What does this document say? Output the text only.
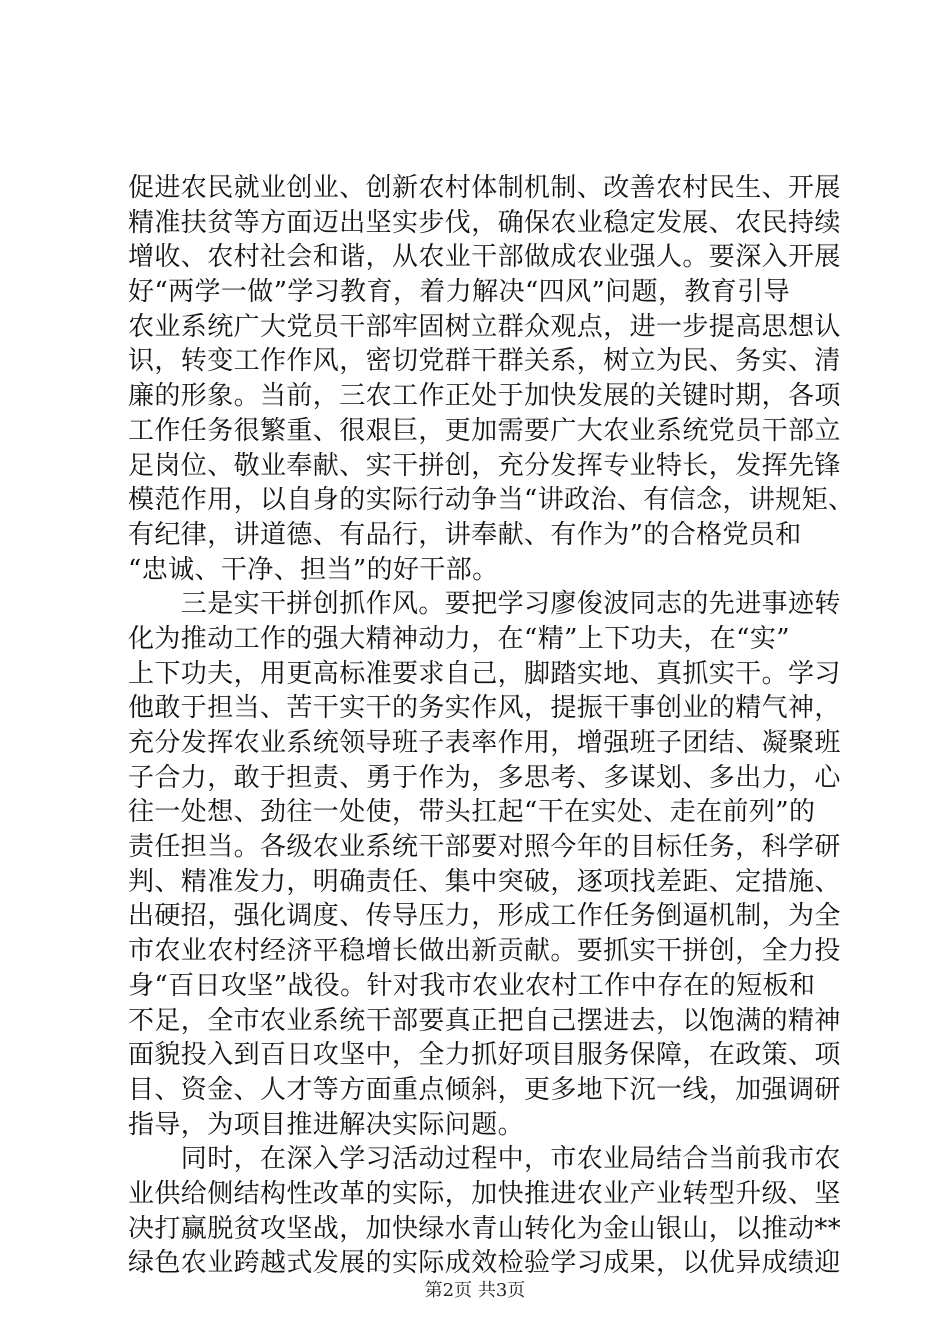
促进农民就业创业、创新农村体制机制、改善农村民生、开展
精准扶贫等方面迈出坚实步伐，确保农业稳定发展、农民持续
增收、农村社会和谐，从农业干部做成农业强人。要深入开展
好“两学一做”学习教育，着力解决“四风”问题，教育引导
农业系统广大党员干部牢固树立群众观点，进一步提高思想认
识，转变工作作风，密切党群干群关系，树立为民、务实、清
廉的形象。当前，三农工作正处于加快发展的关键时期，各项
工作任务很繁重、很艰巨，更加需要广大农业系统党员干部立
足岗位、敬业奉献、实干拼创，充分发挥专业特长，发挥先锋
模范作用，以自身的实际行动争当“讲政治、有信念，讲规矩、
有纪律，讲道德、有品行，讲奉献、有作为”的合格党员和
“忠诚、干净、担当”的好干部。
　　三是实干拼创抓作风。要把学习廖俊波同志的先进事迹转
化为推动工作的强大精神动力，在“精”上下功夫，在“实”
上下功夫，用更高标准要求自己，脚踏实地、真抓实干。学习
他敢于担当、苦干实干的务实作风，提振干事创业的精气神，
充分发挥农业系统领导班子表率作用，增强班子团结、凝聚班
子合力，敢于担责、勇于作为，多思考、多谋划、多出力，心
往一处想、劲往一处使，带头扛起“干在实处、走在前列”的
责任担当。各级农业系统干部要对照今年的目标任务，科学研
判、精准发力，明确责任、集中突破，逐项找差距、定措施、
出硬招，强化调度、传导压力，形成工作任务倒逼机制，为全
市农业农村经济平稳增长做出新贡献。要抓实干拼创，全力投
身“百日攻坚”战役。针对我市农业农村工作中存在的短板和
不足，全市农业系统干部要真正把自己摆进去，以饱满的精神
面貌投入到百日攻坚中，全力抓好项目服务保障，在政策、项
目、资金、人才等方面重点倾斜，更多地下沉一线，加强调研
指导，为项目推进解决实际问题。
　　同时，在深入学习活动过程中，市农业局结合当前我市农
业供给侧结构性改革的实际，加快推进农业产业转型升级、坚
决打赢脱贫攻坚战，加快绿水青山转化为金山银山，以推动**
绿色农业跨越式发展的实际成效检验学习成果，以优异成绩迎
第2页 共3页
